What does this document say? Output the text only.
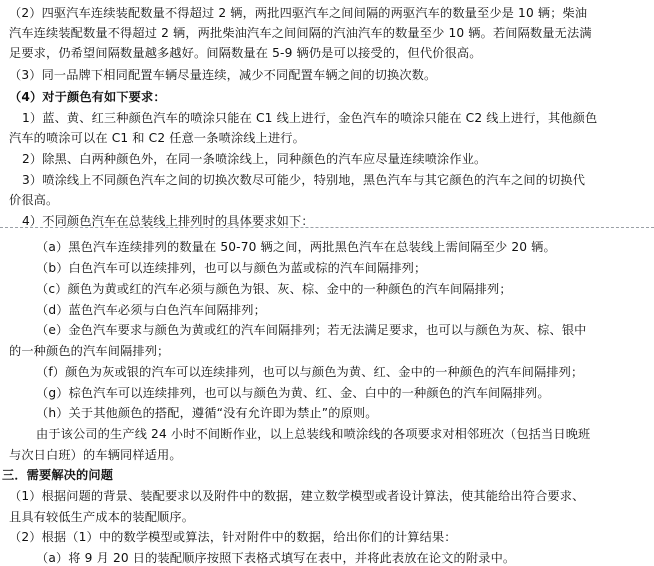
（2）四驱汽车连续装配数量不得超过 2 辆，两批四驱汽车之间间隔的两驱汽车的数量至少是 10 辆；柴油
汽车连续装配数量不得超过 2 辆，两批柴油汽车之间间隔的汽油汽车的数量至少 10 辆。若间隔数量无法满
足要求，仍希望间隔数量越多越好。间隔数量在 5-9 辆仍是可以接受的，但代价很高。
（3）同一品牌下相同配置车辆尽量连续，减少不同配置车辆之间的切换次数。
（4）对于颜色有如下要求：
1）蓝、黄、红三种颜色汽车的喷涂只能在 C1 线上进行，金色汽车的喷涂只能在 C2 线上进行，其他颜色
汽车的喷涂可以在 C1 和 C2 任意一条喷涂线上进行。
2）除黑、白两种颜色外，在同一条喷涂线上，同种颜色的汽车应尽量连续喷涂作业。
3）喷涂线上不同颜色汽车之间的切换次数尽可能少，特别地，黑色汽车与其它颜色的汽车之间的切换代
价很高。
4）不同颜色汽车在总装线上排列时的具体要求如下：
（a）黑色汽车连续排列的数量在 50-70 辆之间，两批黑色汽车在总装线上需间隔至少 20 辆。
（b）白色汽车可以连续排列，也可以与颜色为蓝或棕的汽车间隔排列；
（c）颜色为黄或红的汽车必须与颜色为银、灰、棕、金中的一种颜色的汽车间隔排列；
（d）蓝色汽车必须与白色汽车间隔排列；
（e）金色汽车要求与颜色为黄或红的汽车间隔排列；若无法满足要求，也可以与颜色为灰、棕、银中
的一种颜色的汽车间隔排列；
（f）颜色为灰或银的汽车可以连续排列，也可以与颜色为黄、红、金中的一种颜色的汽车间隔排列；
（g）棕色汽车可以连续排列，也可以与颜色为黄、红、金、白中的一种颜色的汽车间隔排列。
（h）关于其他颜色的搭配，遵循“没有允许即为禁止”的原则。
由于该公司的生产线 24 小时不间断作业，以上总装线和喷涂线的各项要求对相邻班次（包括当日晚班
与次日白班）的车辆同样适用。
三．需要解决的问题
（1）根据问题的背景、装配要求以及附件中的数据，建立数学模型或者设计算法，使其能给出符合要求、
且具有较低生产成本的装配顺序。
（2）根据（1）中的数学模型或算法，针对附件中的数据，给出你们的计算结果：
（a）将 9 月 20 日的装配顺序按照下表格式填写在表中，并将此表放在论文的附录中。
